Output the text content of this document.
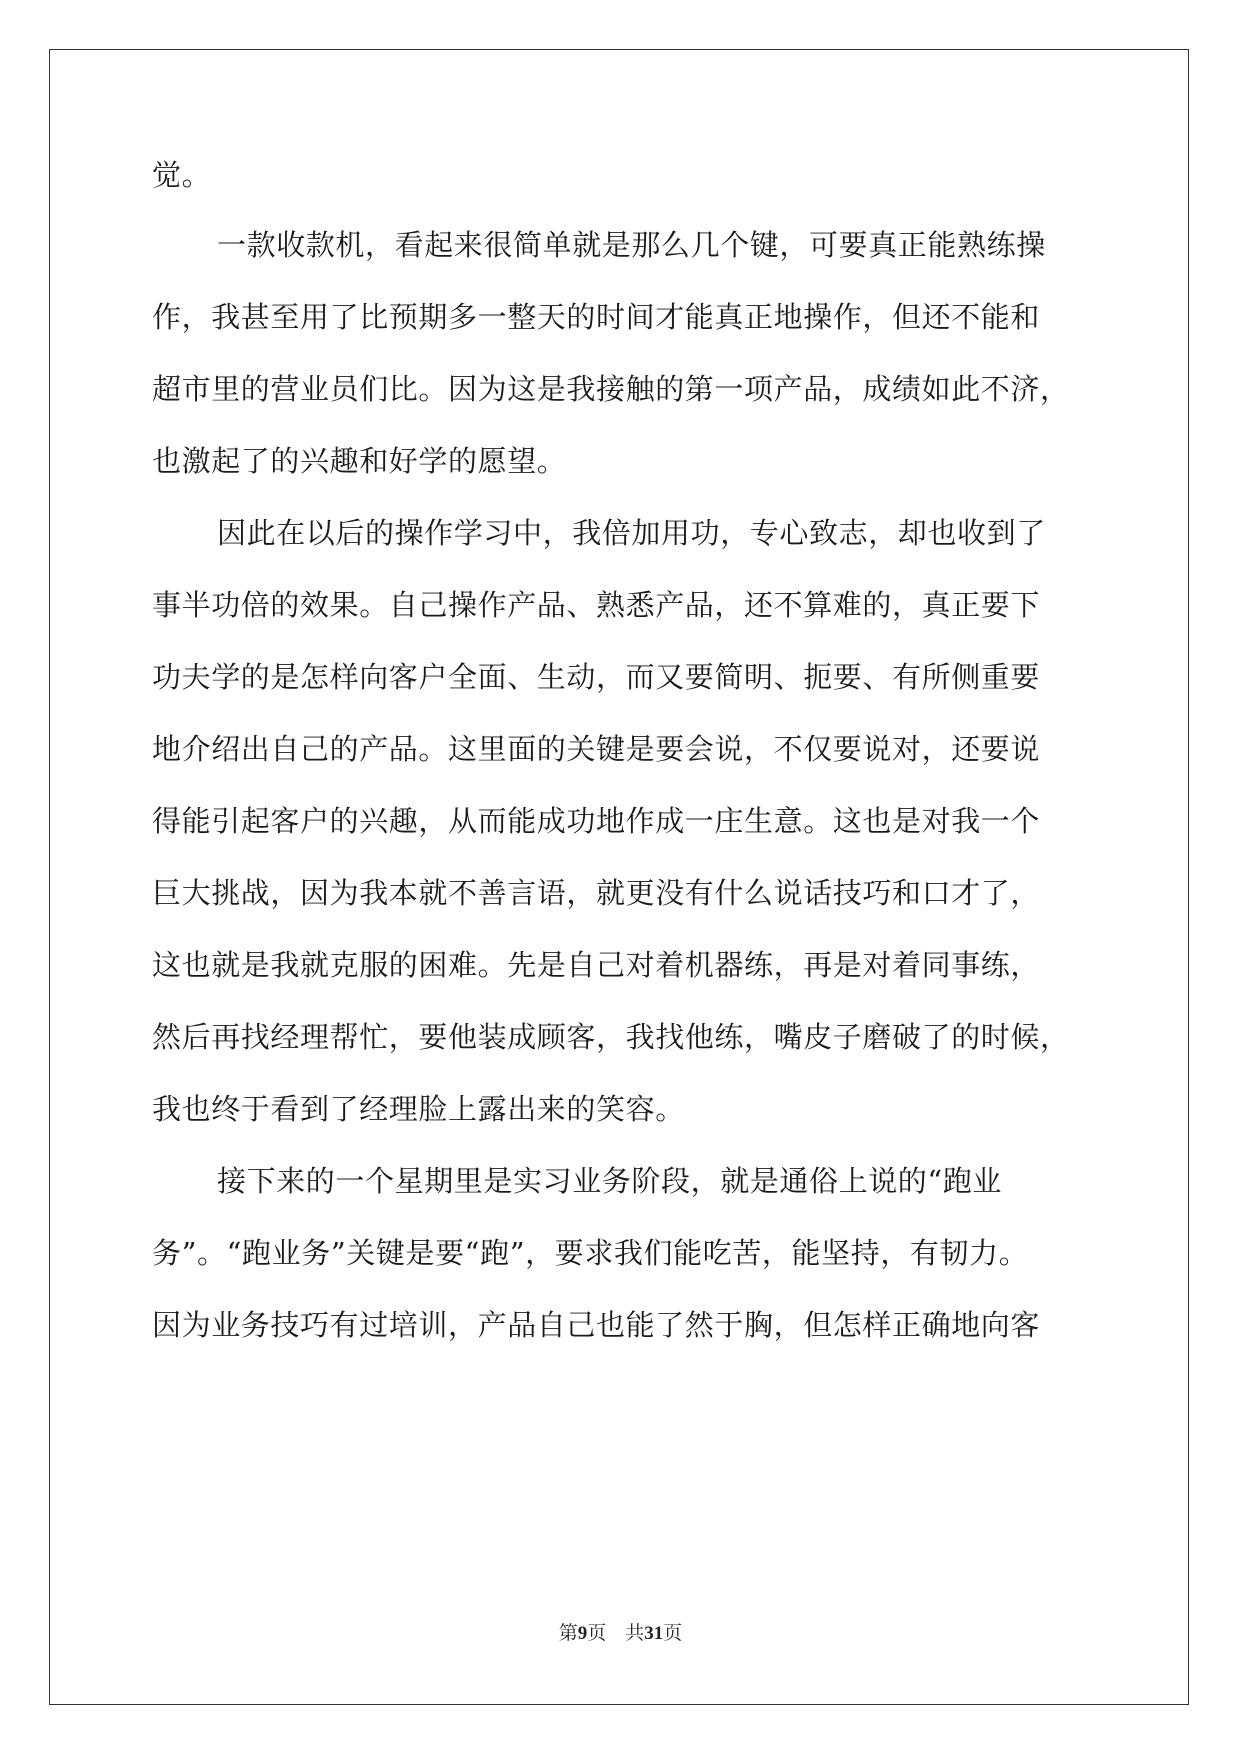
觉。
一款收款机，看起来很简单就是那么几个键，可要真正能熟练操
作，我甚至用了比预期多一整天的时间才能真正地操作，但还不能和
超市里的营业员们比。因为这是我接触的第一项产品，成绩如此不济，
也激起了的兴趣和好学的愿望。
因此在以后的操作学习中，我倍加用功，专心致志，却也收到了
事半功倍的效果。自己操作产品、熟悉产品，还不算难的，真正要下
功夫学的是怎样向客户全面、生动，而又要简明、扼要、有所侧重要
地介绍出自己的产品。这里面的关键是要会说，不仅要说对，还要说
得能引起客户的兴趣，从而能成功地作成一庄生意。这也是对我一个
巨大挑战，因为我本就不善言语，就更没有什么说话技巧和口才了，
这也就是我就克服的困难。先是自己对着机器练，再是对着同事练，
然后再找经理帮忙，要他装成顾客，我找他练，嘴皮子磨破了的时候，
我也终于看到了经理脸上露出来的笑容。
接下来的一个星期里是实习业务阶段，就是通俗上说的“跑业
务”。“跑业务”关键是要“跑”，要求我们能吃苦，能坚持，有韧力。
因为业务技巧有过培训，产品自己也能了然于胸，但怎样正确地向客
第9页　共31页
